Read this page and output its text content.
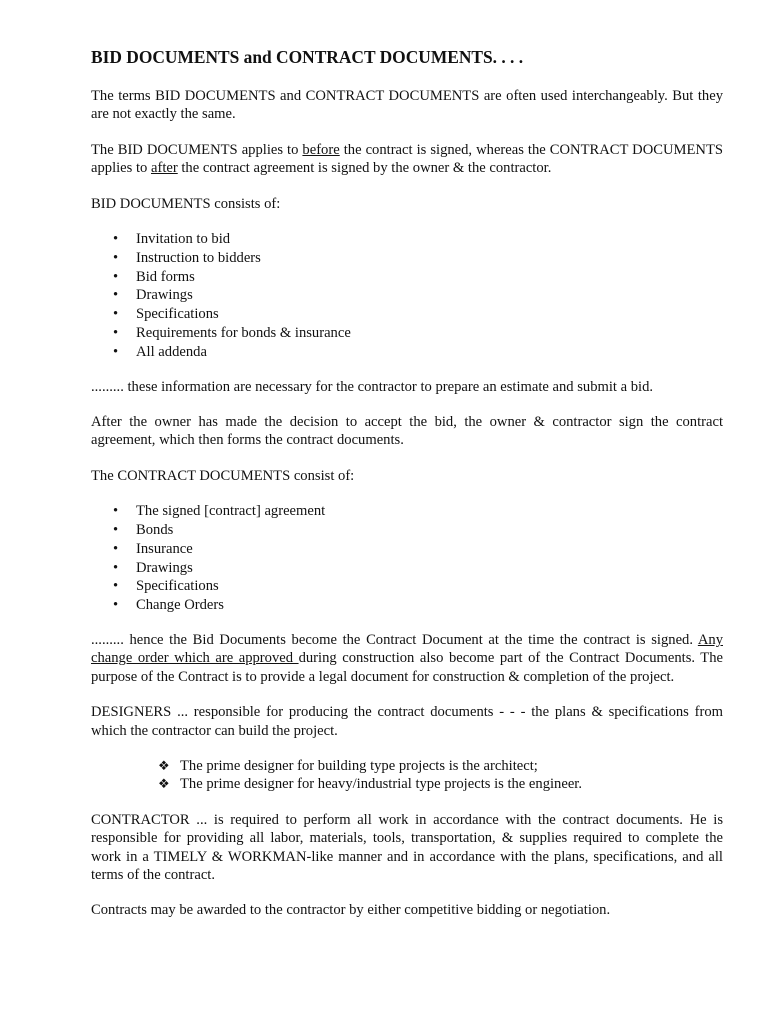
BID DOCUMENTS and CONTRACT DOCUMENTS. . . .

The terms BID DOCUMENTS and CONTRACT DOCUMENTS are often used interchangeably. But they are not exactly the same.

The BID DOCUMENTS applies to before the contract is signed, whereas the CONTRACT DOCUMENTS applies to after the contract agreement is signed by the owner & the contractor.

BID DOCUMENTS consists of:

• Invitation to bid
• Instruction to bidders
• Bid forms
• Drawings
• Specifications
• Requirements for bonds & insurance
• All addenda

......... these information are necessary for the contractor to prepare an estimate and submit a bid.

After the owner has made the decision to accept the bid, the owner & contractor sign the contract agreement, which then forms the contract documents.

The CONTRACT DOCUMENTS consist of:

• The signed [contract] agreement
• Bonds
• Insurance
• Drawings
• Specifications
• Change Orders

......... hence the Bid Documents become the Contract Document at the time the contract is signed. Any change order which are approved during construction also become part of the Contract Documents. The purpose of the Contract is to provide a legal document for construction & completion of the project.

DESIGNERS ... responsible for producing the contract documents - - - the plans & specifications from which the contractor can build the project.

❖ The prime designer for building type projects is the architect;
❖ The prime designer for heavy/industrial type projects is the engineer.

CONTRACTOR ... is required to perform all work in accordance with the contract documents. He is responsible for providing all labor, materials, tools, transportation, & supplies required to complete the work in a TIMELY & WORKMAN-like manner and in accordance with the plans, specifications, and all terms of the contract.

Contracts may be awarded to the contractor by either competitive bidding or negotiation.
